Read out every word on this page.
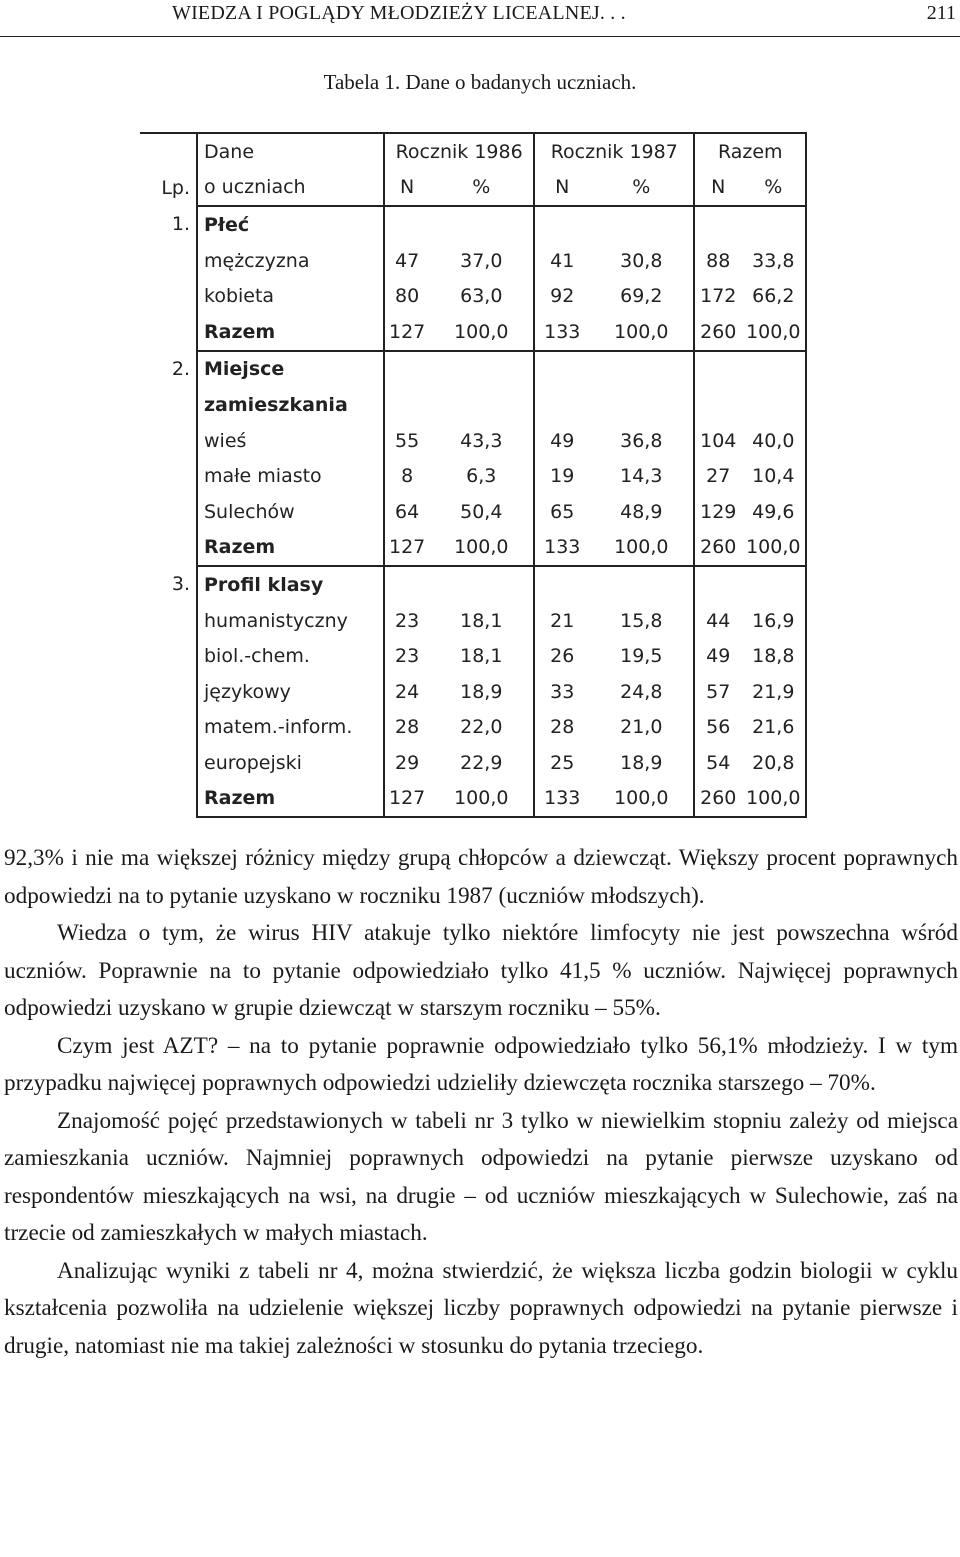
WIEDZA I POGLĄDY MŁODZIEŻY LICEALNEJ. . .	211
Tabela 1. Dane o badanych uczniach.
	Dane	Rocznik 1986		Rocznik 1987		Razem	
Lp.	o uczniach	N	%	N	%	N	%
1.	Płeć						
	mężczyzna	47	37,0	41	30,8	88	33,8
	kobieta	80	63,0	92	69,2	172	66,2
	Razem	127	100,0	133	100,0	260	100,0
2.	Miejsce						
	zamieszkania						
	wieś	55	43,3	49	36,8	104	40,0
	małe miasto	8	6,3	19	14,3	27	10,4
	Sulechów	64	50,4	65	48,9	129	49,6
	Razem	127	100,0	133	100,0	260	100,0
3.	Profil klasy						
	humanistyczny	23	18,1	21	15,8	44	16,9
	biol.-chem.	23	18,1	26	19,5	49	18,8
	językowy	24	18,9	33	24,8	57	21,9
	matem.-inform.	28	22,0	28	21,0	56	21,6
	europejski	29	22,9	25	18,9	54	20,8
	Razem	127	100,0	133	100,0	260	100,0

92,3% i nie ma większej różnicy między grupą chłopców a dziewcząt. Większy procent poprawnych odpowiedzi na to pytanie uzyskano w roczniku 1987 (uczniów młodszych).

Wiedza o tym, że wirus HIV atakuje tylko niektóre limfocyty nie jest powszechna wśród uczniów. Poprawnie na to pytanie odpowiedziało tylko 41,5 % uczniów. Najwięcej poprawnych odpowiedzi uzyskano w grupie dziewcząt w starszym roczniku – 55%.

Czym jest AZT? – na to pytanie poprawnie odpowiedziało tylko 56,1% młodzieży. I w tym przypadku najwięcej poprawnych odpowiedzi udzieliły dziewczęta rocznika starszego – 70%.

Znajomość pojęć przedstawionych w tabeli nr 3 tylko w niewielkim stopniu zależy od miejsca zamieszkania uczniów. Najmniej poprawnych odpowiedzi na pytanie pierwsze uzyskano od respondentów mieszkających na wsi, na drugie – od uczniów mieszkających w Sulechowie, zaś na trzecie od zamieszkałych w małych miastach.

Analizując wyniki z tabeli nr 4, można stwierdzić, że większa liczba godzin biologii w cyklu kształcenia pozwoliła na udzielenie większej liczby poprawnych odpowiedzi na pytanie pierwsze i drugie, natomiast nie ma takiej zależności w stosunku do pytania trzeciego.
